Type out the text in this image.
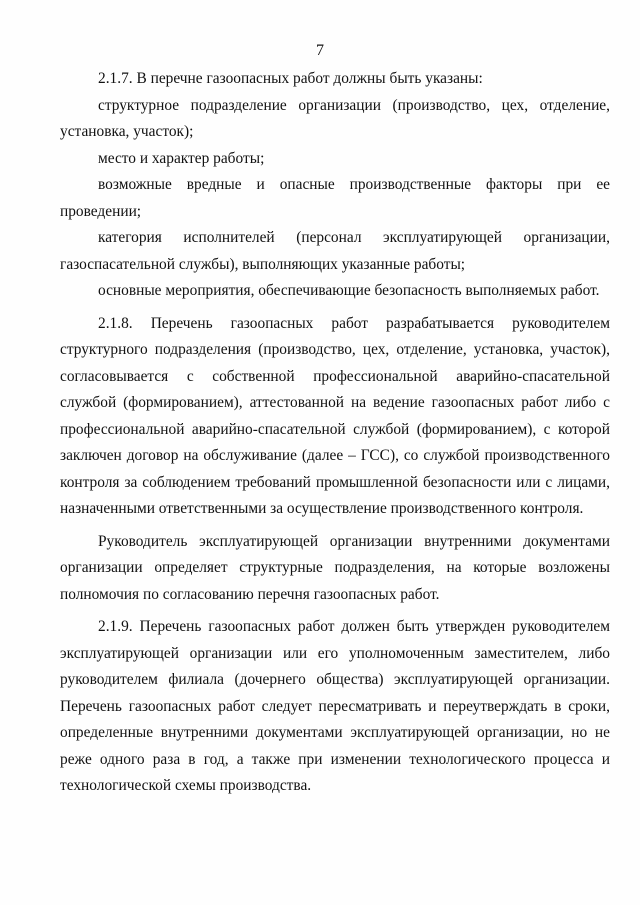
7

2.1.7. В перечне газоопасных работ должны быть указаны:

структурное подразделение организации (производство, цех, отделение, установка, участок);

место и характер работы;

возможные вредные и опасные производственные факторы при ее проведении;

категория исполнителей (персонал эксплуатирующей организации, газоспасательной службы), выполняющих указанные работы;

основные мероприятия, обеспечивающие безопасность выполняемых работ.

2.1.8. Перечень газоопасных работ разрабатывается руководителем структурного подразделения (производство, цех, отделение, установка, участок), согласовывается с собственной профессиональной аварийно-спасательной службой (формированием), аттестованной на ведение газоопасных работ либо с профессиональной аварийно-спасательной службой (формированием), с которой заключен договор на обслуживание (далее – ГСС), со службой производственного контроля за соблюдением требований промышленной безопасности или с лицами, назначенными ответственными за осуществление производственного контроля.

Руководитель эксплуатирующей организации внутренними документами организации определяет структурные подразделения, на которые возложены полномочия по согласованию перечня газоопасных работ.

2.1.9. Перечень газоопасных работ должен быть утвержден руководителем эксплуатирующей организации или его уполномоченным заместителем, либо руководителем филиала (дочернего общества) эксплуатирующей организации. Перечень газоопасных работ следует пересматривать и переутверждать в сроки, определенные внутренними документами эксплуатирующей организации, но не реже одного раза в год, а также при изменении технологического процесса и технологической схемы производства.
